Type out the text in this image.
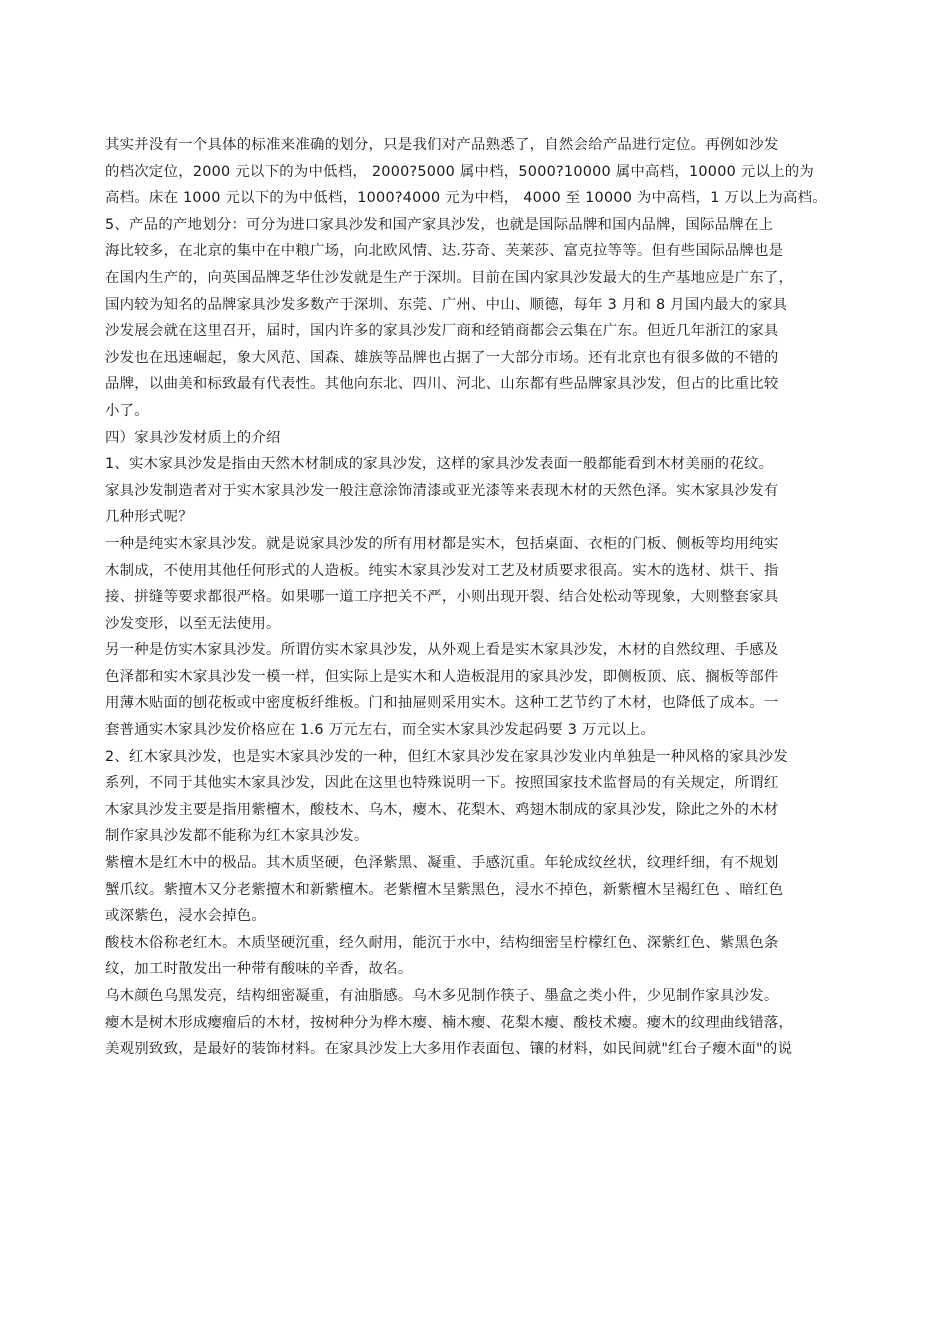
其实并没有一个具体的标准来准确的划分，只是我们对产品熟悉了，自然会给产品进行定位。再例如沙发
的档次定位，2000 元以下的为中低档， 2000?5000 属中档，5000?10000 属中高档，10000 元以上的为
高档。床在 1000 元以下的为中低档，1000?4000 元为中档， 4000 至 10000 为中高档，1 万以上为高档。
5、产品的产地划分：可分为进口家具沙发和国产家具沙发，也就是国际品牌和国内品牌，国际品牌在上
海比较多，在北京的集中在中粮广场，向北欧风情、达.芬奇、芙莱莎、富克拉等等。但有些国际品牌也是
在国内生产的，向英国品牌芝华仕沙发就是生产于深圳。目前在国内家具沙发最大的生产基地应是广东了，
国内较为知名的品牌家具沙发多数产于深圳、东莞、广州、中山、顺德，每年 3 月和 8 月国内最大的家具
沙发展会就在这里召开，届时，国内许多的家具沙发厂商和经销商都会云集在广东。但近几年浙江的家具
沙发也在迅速崛起，象大风范、国森、雄族等品牌也占据了一大部分市场。还有北京也有很多做的不错的
品牌，以曲美和标致最有代表性。其他向东北、四川、河北、山东都有些品牌家具沙发，但占的比重比较
小了。
四）家具沙发材质上的介绍
1、实木家具沙发是指由天然木材制成的家具沙发，这样的家具沙发表面一般都能看到木材美丽的花纹。
家具沙发制造者对于实木家具沙发一般注意涂饰清漆或亚光漆等来表现木材的天然色泽。实木家具沙发有
几种形式呢？
一种是纯实木家具沙发。就是说家具沙发的所有用材都是实木，包括桌面、衣柜的门板、侧板等均用纯实
木制成，不使用其他任何形式的人造板。纯实木家具沙发对工艺及材质要求很高。实木的选材、烘干、指
接、拼缝等要求都很严格。如果哪一道工序把关不严，小则出现开裂、结合处松动等现象，大则整套家具
沙发变形，以至无法使用。
另一种是仿实木家具沙发。所谓仿实木家具沙发，从外观上看是实木家具沙发，木材的自然纹理、手感及
色泽都和实木家具沙发一模一样，但实际上是实木和人造板混用的家具沙发，即侧板顶、底、搁板等部件
用薄木贴面的刨花板或中密度板纤维板。门和抽屉则采用实木。这种工艺节约了木材，也降低了成本。一
套普通实木家具沙发价格应在 1.6 万元左右，而全实木家具沙发起码要 3 万元以上。
2、红木家具沙发，也是实木家具沙发的一种，但红木家具沙发在家具沙发业内单独是一种风格的家具沙发
系列，不同于其他实木家具沙发，因此在这里也特殊说明一下。按照国家技术监督局的有关规定，所谓红
木家具沙发主要是指用紫檀木，酸枝木、乌木，瘿木、花梨木、鸡翅木制成的家具沙发，除此之外的木材
制作家具沙发都不能称为红木家具沙发。
紫檀木是红木中的极品。其木质坚硬，色泽紫黑、凝重、手感沉重。年轮成纹丝状，纹理纤细，有不规划
蟹爪纹。紫擅木又分老紫擅木和新紫檀木。老紫檀木呈紫黑色，浸水不掉色，新紫檀木呈褐红色 、暗红色
或深紫色，浸水会掉色。
酸枝木俗称老红木。木质坚硬沉重，经久耐用，能沉于水中，结构细密呈柠檬红色、深紫红色、紫黑色条
纹，加工时散发出一种带有酸味的辛香，故名。
乌木颜色乌黑发亮，结构细密凝重，有油脂感。乌木多见制作筷子、墨盒之类小件，少见制作家具沙发。
瘿木是树木形成瘿瘤后的木材，按树种分为桦木瘿、楠木瘿、花梨木瘿、酸枝术瘿。瘿木的纹理曲线错落，
美观别致致，是最好的装饰材料。在家具沙发上大多用作表面包、镶的材料，如民间就"红台子瘿木面"的说
